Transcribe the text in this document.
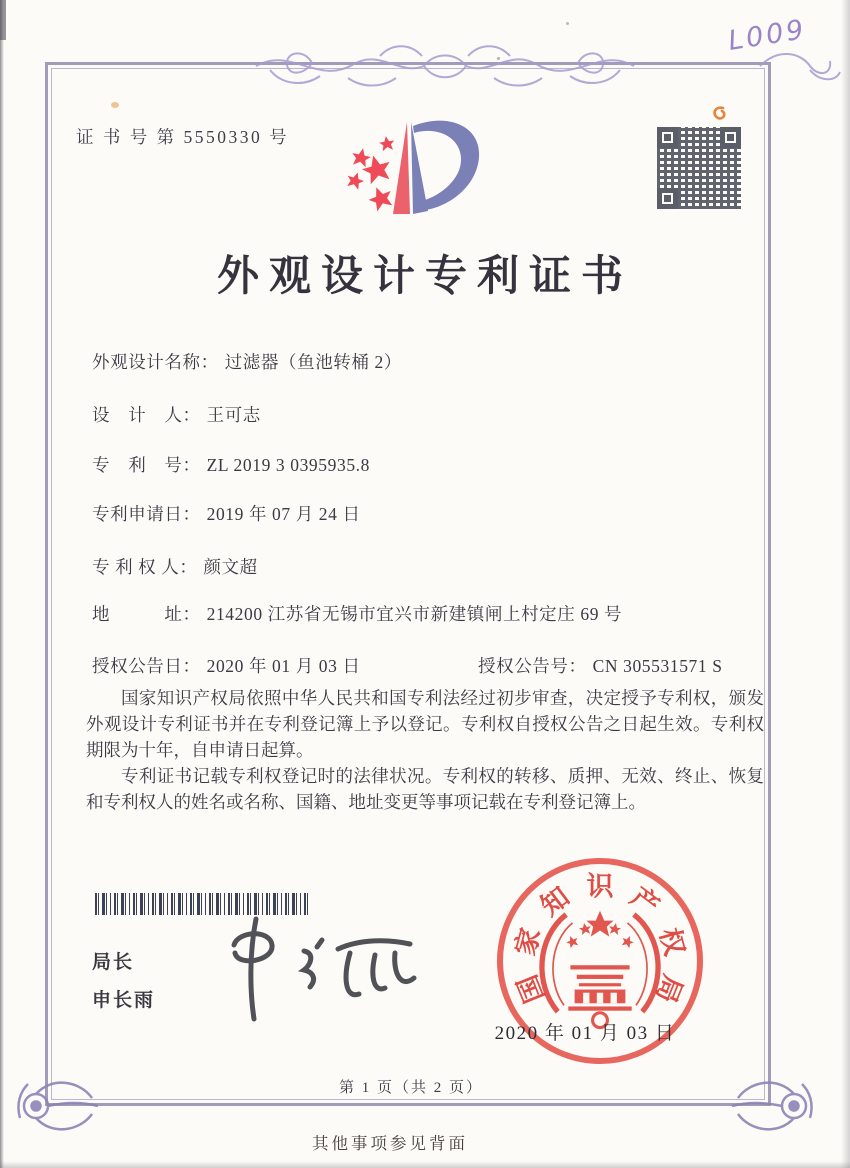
L009
证 书 号 第 5550330 号
外观设计专利证书
外观设计名称： 过滤器（鱼池转桶 2）
设　计　人： 王可志
专　利　号： ZL 2019 3 0395935.8
专利申请日： 2019 年 07 月 24 日
专 利 权 人： 颜文超
地　　　址： 214200 江苏省无锡市宜兴市新建镇闸上村定庄 69 号
授权公告日： 2020 年 01 月 03 日	授权公告号： CN 305531571 S

国家知识产权局依照中华人民共和国专利法经过初步审查，决定授予专利权，颁发外观设计专利证书并在专利登记簿上予以登记。专利权自授权公告之日起生效。专利权期限为十年，自申请日起算。

专利证书记载专利权登记时的法律状况。专利权的转移、质押、无效、终止、恢复和专利权人的姓名或名称、国籍、地址变更等事项记载在专利登记簿上。

局长
申长雨	国
家
知 识 产
权
局
2020 年 01 月 03 日
第 1 页（共 2 页）
其他事项参见背面
